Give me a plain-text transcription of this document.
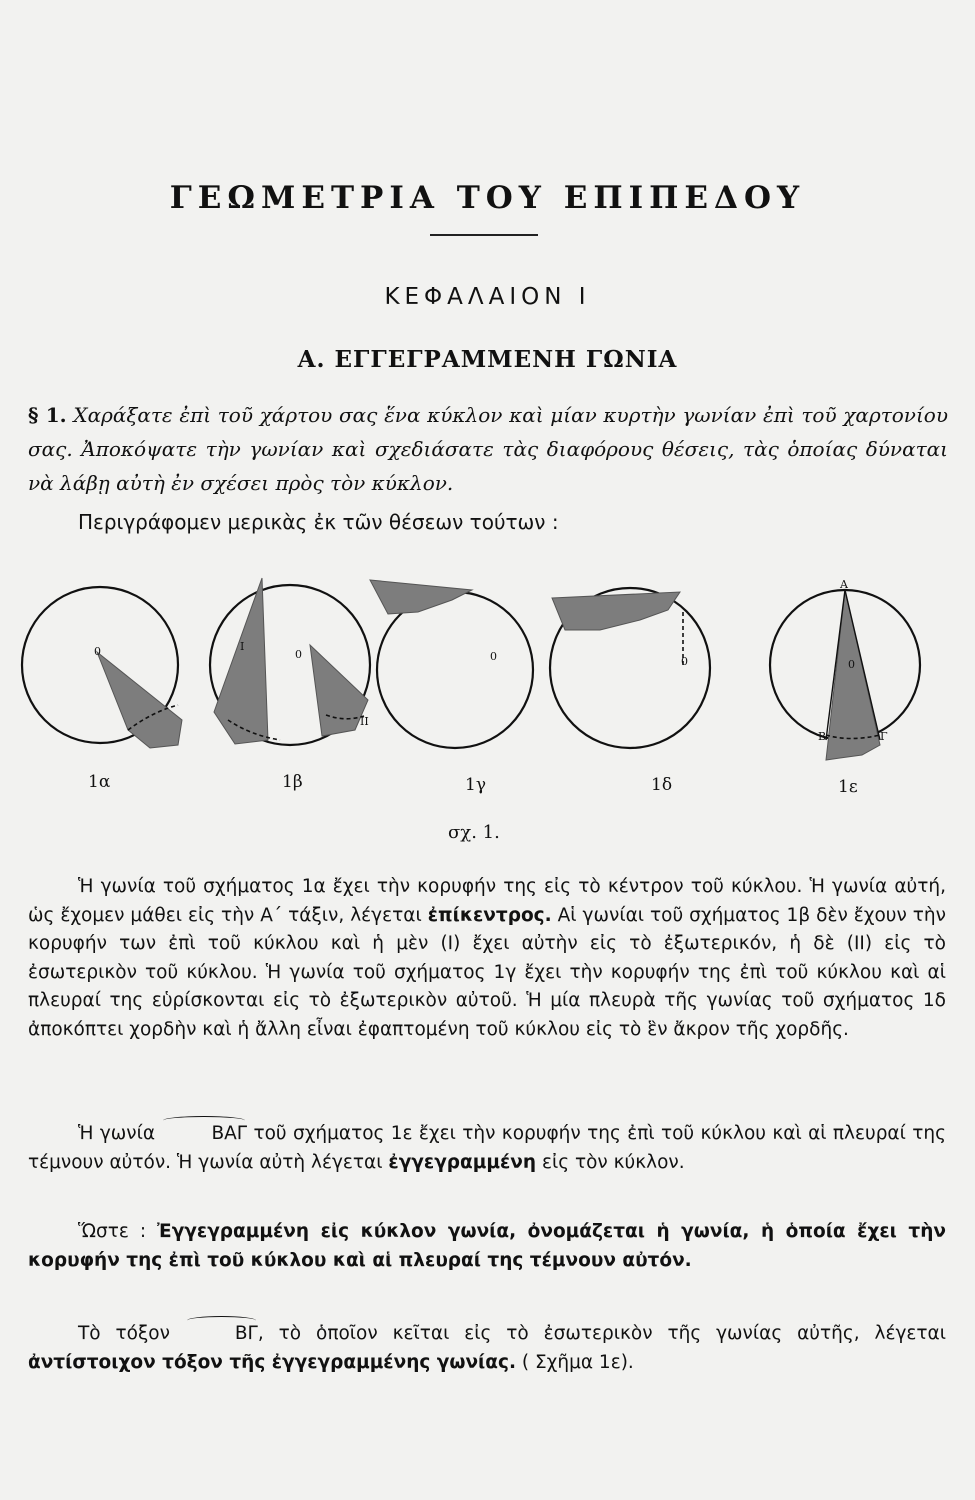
ΓΕΩΜΕΤΡΙΑ ΤΟΥ ΕΠΙΠΕΔΟΥ
ΚΕΦΑΛΑΙΟΝ Ι
Α. ΕΓΓΕΓΡΑΜΜΕΝΗ ΓΩΝΙΑ
§ 1. Χαράξατε ἐπὶ τοῦ χάρτου σας ἕνα κύκλον καὶ μίαν κυρτὴν γωνίαν ἐπὶ τοῦ χαρτονίου σας. Ἀποκόψατε τὴν γωνίαν καὶ σχεδιάσατε τὰς διαφόρους θέσεις, τὰς ὁποίας δύναται νὰ λάβῃ αὐτὴ ἐν σχέσει πρὸς τὸν κύκλον.
Περιγράφομεν μερικὰς ἐκ τῶν θέσεων τούτων :
0	0	0	0	0
Α
Β	Γ
Ι
ΙΙ
1α	1β	1γ	1δ	1ε
σχ. 1.

Ἡ γωνία τοῦ σχήματος 1α ἔχει τὴν κορυφήν της εἰς τὸ κέντρον τοῦ κύκλου. Ἡ γωνία αὐτή, ὡς ἔχομεν μάθει εἰς τὴν Α΄ τάξιν, λέγεται ἐπίκεντρος. Αἱ γωνίαι τοῦ σχήματος 1β δὲν ἔχουν τὴν κορυφήν των ἐπὶ τοῦ κύκλου καὶ ἡ μὲν (Ι) ἔχει αὐτὴν εἰς τὸ ἐξωτερικόν, ἡ δὲ (ΙΙ) εἰς τὸ ἐσωτερικὸν τοῦ κύκλου. Ἡ γωνία τοῦ σχήματος 1γ ἔχει τὴν κορυφήν της ἐπὶ τοῦ κύκλου καὶ αἱ πλευραί της εὑρίσκονται εἰς τὸ ἐξωτερικὸν αὐτοῦ. Ἡ μία πλευρὰ τῆς γωνίας τοῦ σχήματος 1δ ἀποκόπτει χορδὴν καὶ ἡ ἄλλη εἶναι ἐφαπτομένη τοῦ κύκλου εἰς τὸ ἓν ἄκρον τῆς χορδῆς.

Ἡ γωνία	ΒΑΓ τοῦ σχήματος 1ε ἔχει τὴν κορυφήν της ἐπὶ τοῦ κύκλου καὶ αἱ πλευραί της τέμνουν αὐτόν. Ἡ γωνία αὐτὴ λέγεται ἐγγεγραμμένη εἰς τὸν κύκλον.

Ὥστε : Ἐγγεγραμμένη εἰς κύκλον γωνία, ὀνομάζεται ἡ γωνία, ἡ ὁποία ἔχει τὴν κορυφήν της ἐπὶ τοῦ κύκλου καὶ αἱ πλευραί της τέμνουν αὐτόν.

Τὸ τόξον	ΒΓ, τὸ ὁποῖον κεῖται εἰς τὸ ἐσωτερικὸν τῆς γωνίας αὐτῆς, λέγεται ἀντίστοιχον τόξον τῆς ἐγγεγραμμένης γωνίας. ( Σχῆμα 1ε).
